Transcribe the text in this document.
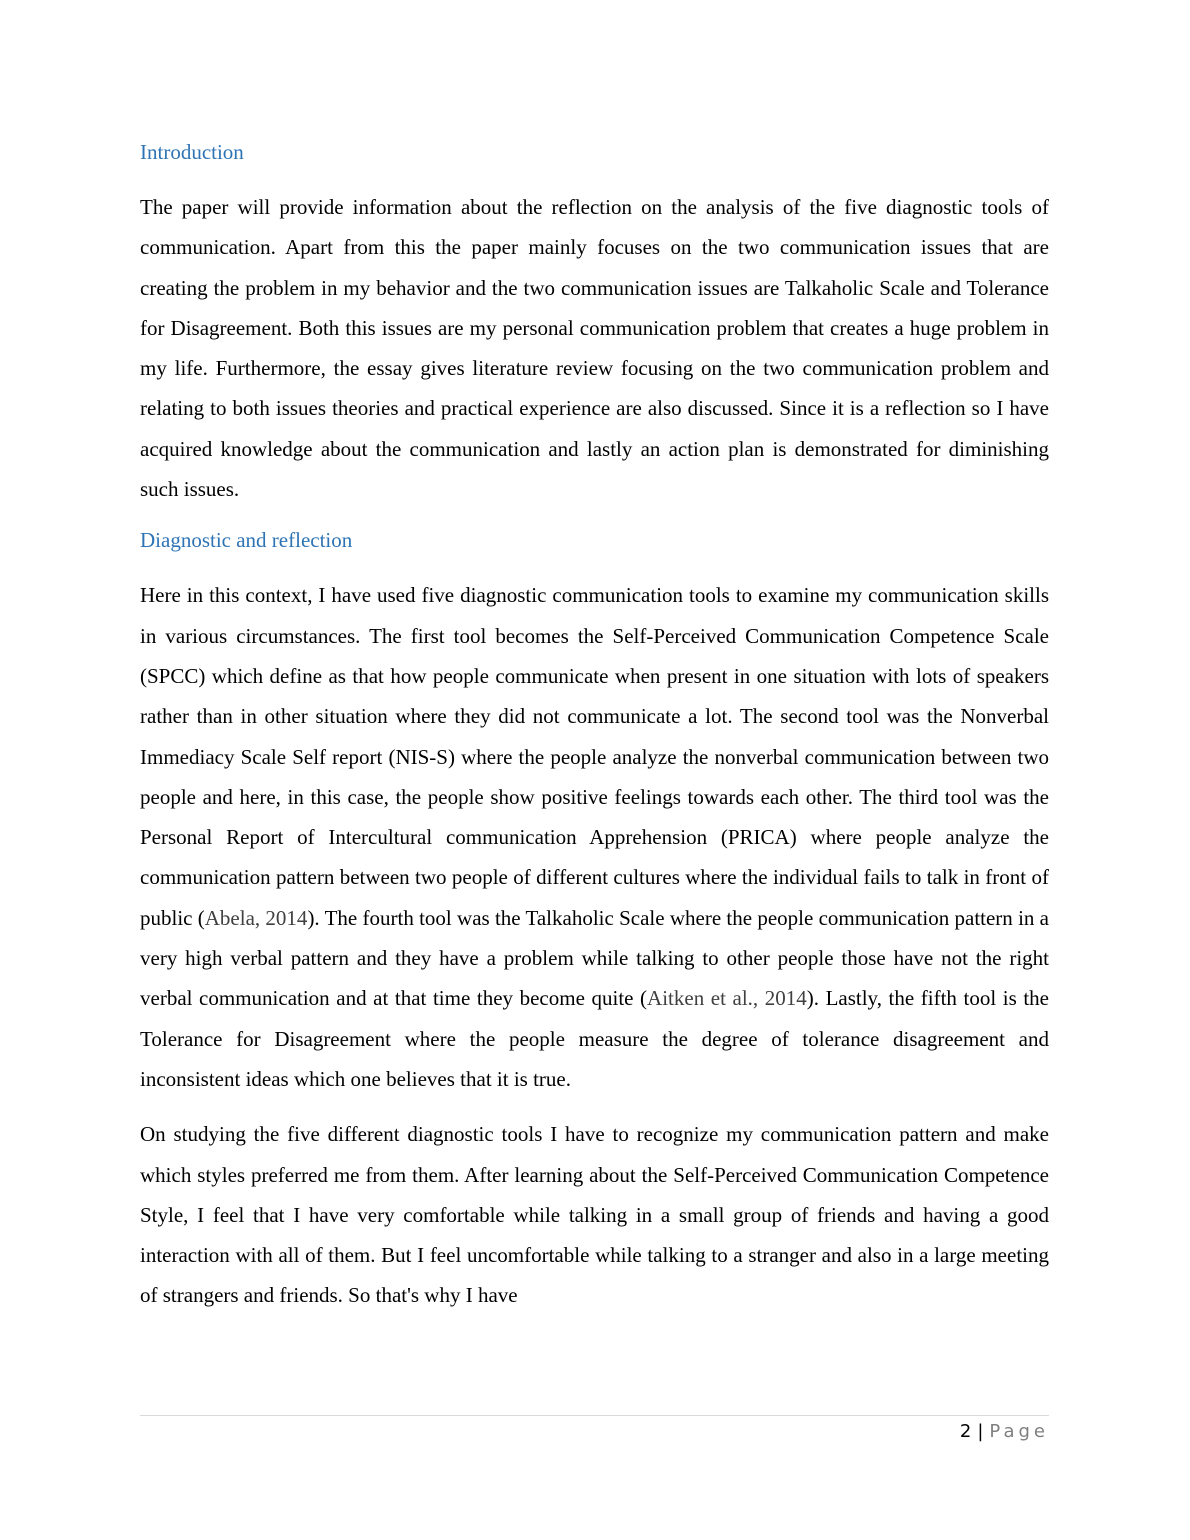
Introduction

The paper will provide information about the reflection on the analysis of the five diagnostic tools of communication. Apart from this the paper mainly focuses on the two communication issues that are creating the problem in my behavior and the two communication issues are Talkaholic Scale and Tolerance for Disagreement. Both this issues are my personal communication problem that creates a huge problem in my life. Furthermore, the essay gives literature review focusing on the two communication problem and relating to both issues theories and practical experience are also discussed. Since it is a reflection so I have acquired knowledge about the communication and lastly an action plan is demonstrated for diminishing such issues.

Diagnostic and reflection

Here in this context, I have used five diagnostic communication tools to examine my communication skills in various circumstances. The first tool becomes the Self-Perceived Communication Competence Scale (SPCC) which define as that how people communicate when present in one situation with lots of speakers rather than in other situation where they did not communicate a lot. The second tool was the Nonverbal Immediacy Scale Self report (NIS-S) where the people analyze the nonverbal communication between two people and here, in this case, the people show positive feelings towards each other. The third tool was the Personal Report of Intercultural communication Apprehension (PRICA) where people analyze the communication pattern between two people of different cultures where the individual fails to talk in front of public (Abela, 2014). The fourth tool was the Talkaholic Scale where the people communication pattern in a very high verbal pattern and they have a problem while talking to other people those have not the right verbal communication and at that time they become quite (Aitken et al., 2014). Lastly, the fifth tool is the Tolerance for Disagreement where the people measure the degree of tolerance disagreement and inconsistent ideas which one believes that it is true.

On studying the five different diagnostic tools I have to recognize my communication pattern and make which styles preferred me from them. After learning about the Self-Perceived Communication Competence Style, I feel that I have very comfortable while talking in a small group of friends and having a good interaction with all of them. But I feel uncomfortable while talking to a stranger and also in a large meeting of strangers and friends. So that's why I have

2 | Page
